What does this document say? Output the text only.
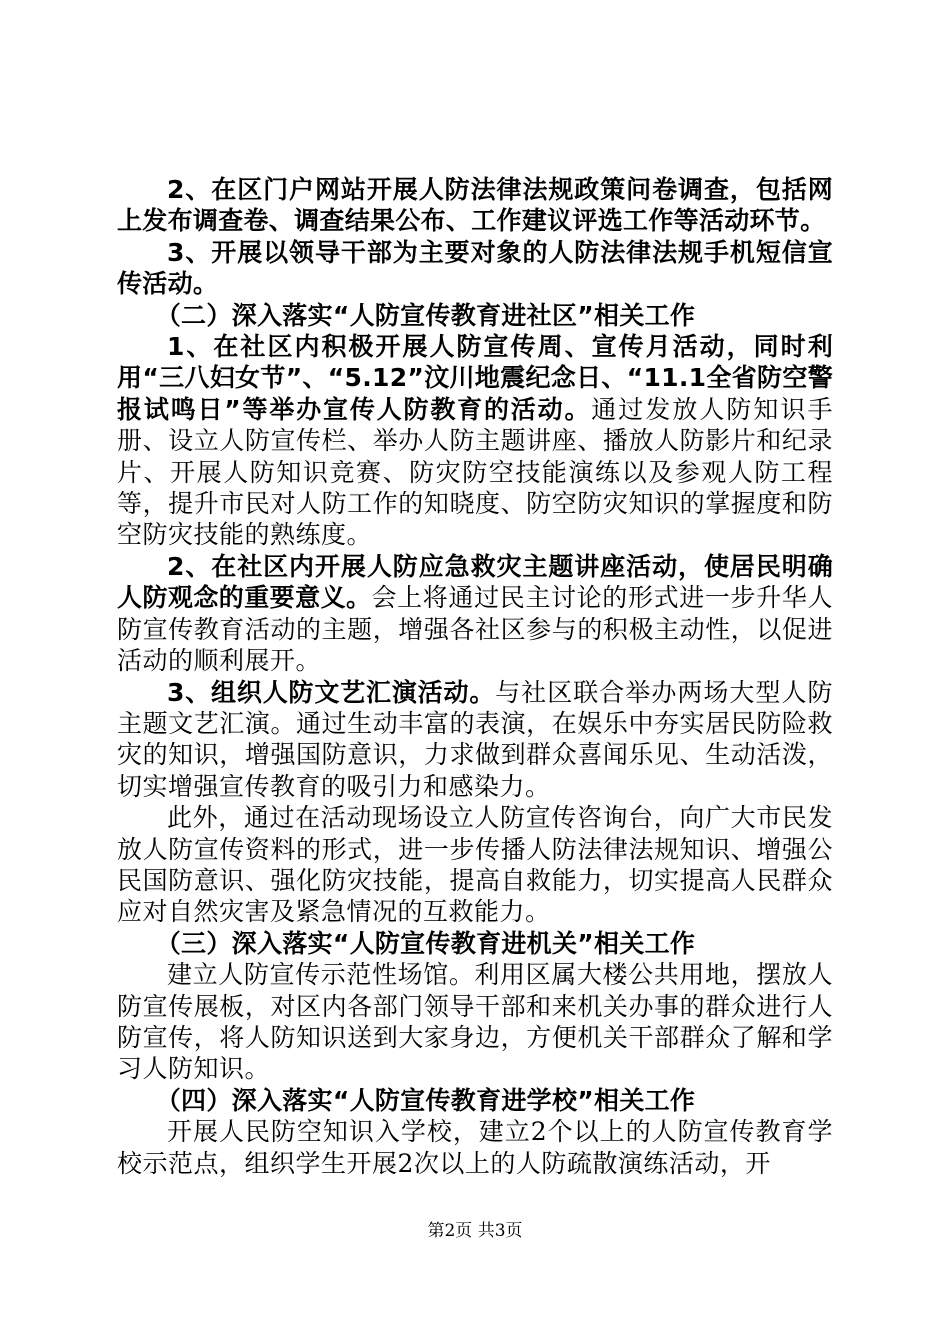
2、在区门户网站开展人防法律法规政策问卷调查，包括网上发布调查卷、调查结果公布、工作建议评选工作等活动环节。

3、开展以领导干部为主要对象的人防法律法规手机短信宣传活动。

（二）深入落实“人防宣传教育进社区”相关工作

1、在社区内积极开展人防宣传周、宣传月活动，同时利用“三八妇女节”、“5.12”汶川地震纪念日、“11.1全省防空警报试鸣日”等举办宣传人防教育的活动。通过发放人防知识手册、设立人防宣传栏、举办人防主题讲座、播放人防影片和纪录片、开展人防知识竞赛、防灾防空技能演练以及参观人防工程等，提升市民对人防工作的知晓度、防空防灾知识的掌握度和防空防灾技能的熟练度。

2、在社区内开展人防应急救灾主题讲座活动，使居民明确人防观念的重要意义。会上将通过民主讨论的形式进一步升华人防宣传教育活动的主题，增强各社区参与的积极主动性，以促进活动的顺利展开。

3、组织人防文艺汇演活动。与社区联合举办两场大型人防主题文艺汇演。通过生动丰富的表演，在娱乐中夯实居民防险救灾的知识，增强国防意识，力求做到群众喜闻乐见、生动活泼，切实增强宣传教育的吸引力和感染力。

此外，通过在活动现场设立人防宣传咨询台，向广大市民发放人防宣传资料的形式，进一步传播人防法律法规知识、增强公民国防意识、强化防灾技能，提高自救能力，切实提高人民群众应对自然灾害及紧急情况的互救能力。

（三）深入落实“人防宣传教育进机关”相关工作

建立人防宣传示范性场馆。利用区属大楼公共用地，摆放人防宣传展板，对区内各部门领导干部和来机关办事的群众进行人防宣传，将人防知识送到大家身边，方便机关干部群众了解和学习人防知识。

（四）深入落实“人防宣传教育进学校”相关工作

开展人民防空知识入学校，建立2个以上的人防宣传教育学校示范点，组织学生开展2次以上的人防疏散演练活动，开

第2页 共3页
